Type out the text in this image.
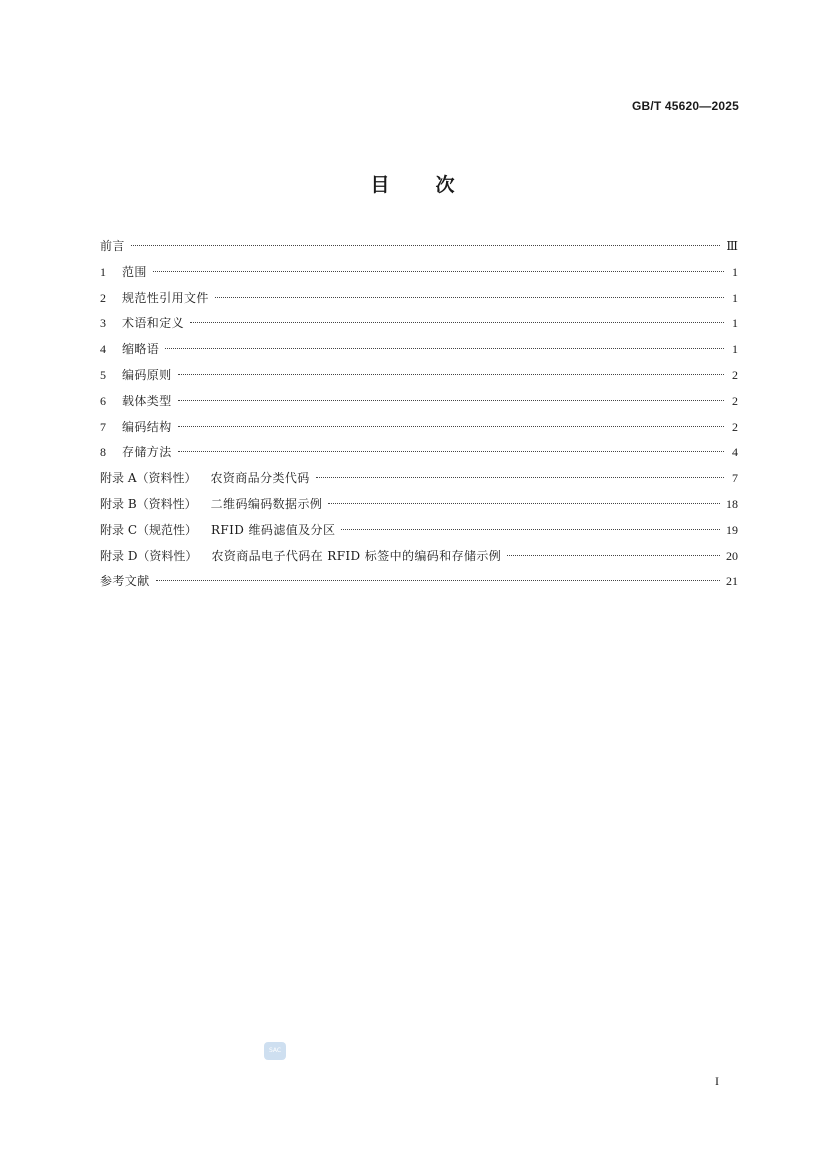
GB/T 45620—2025
目 次
前言	Ⅲ
1	范围	1
2	规范性引用文件	1
3	术语和定义	1
4	缩略语	1
5	编码原则	2
6	载体类型	2
7	编码结构	2
8	存储方法	4
附录 A（资料性） 农资商品分类代码	7
附录 B（资料性） 二维码编码数据示例	18
附录 C（规范性） RFID 维码滤值及分区	19
附录 D（资料性） 农资商品电子代码在 RFID 标签中的编码和存储示例	20
参考文献	21
SAC
I
